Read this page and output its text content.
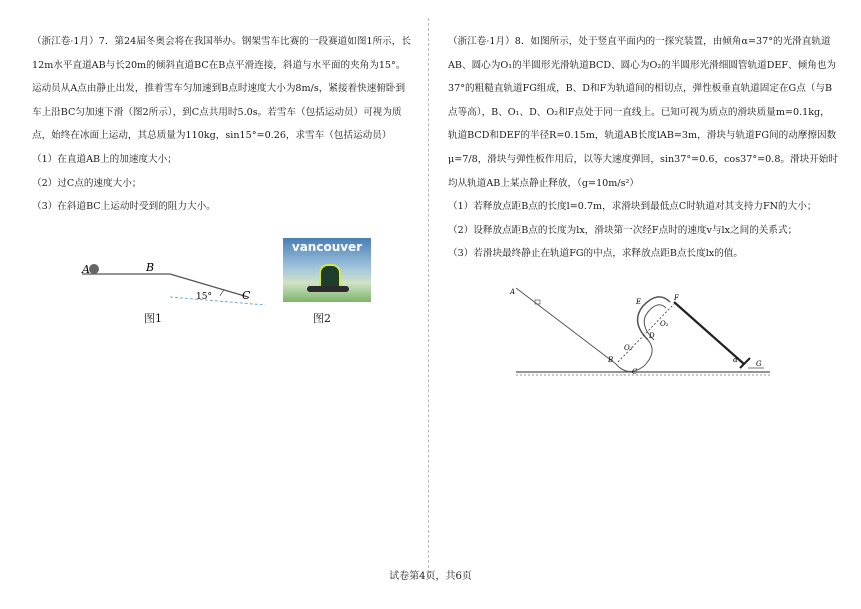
（浙江卷·1月）7．第24届冬奥会将在我国举办。钢架雪车比赛的一段赛道如图1所示，长12m水平直道AB与长20m的倾斜直道BC在B点平滑连接，斜道与水平面的夹角为15°。运动员从A点由静止出发，推着雪车匀加速到B点时速度大小为8m/s，紧接着快速俯卧到车上沿BC匀加速下滑（图2所示），到C点共用时5.0s。若雪车（包括运动员）可视为质点，始终在冰面上运动，其总质量为110kg，sin15°=0.26，求雪车（包括运动员）

（1）在直道AB上的加速度大小；

（2）过C点的速度大小；

（3）在斜道BC上运动时受到的阻力大小。

A	B
C
15°
图1
vancouver
图2

（浙江卷·1月）8．如图所示，处于竖直平面内的一探究装置，由倾角α=37°的光滑直轨道AB、圆心为O₁的半圆形光滑轨道BCD、圆心为O₂的半圆形光滑细圆管轨道DEF、倾角也为37°的粗糙直轨道FG组成，B、D和F为轨道间的相切点，弹性板垂直轨道固定在G点（与B点等高），B、O₁、D、O₂和F点处于同一直线上。已知可视为质点的滑块质量m=0.1kg，轨道BCD和DEF的半径R=0.15m，轨道AB长度lAB=3m，滑块与轨道FG间的动摩擦因数μ=7/8，滑块与弹性板作用后，以等大速度弹回，sin37°=0.6，cos37°=0.8。滑块开始时均从轨道AB上某点静止释放，（g=10m/s²）

（1）若释放点距B点的长度l=0.7m，求滑块到最低点C时轨道对其支持力FN的大小；

（2）设释放点距B点的长度为lx，滑块第一次经F点时的速度v与lx之间的关系式；

（3）若滑块最终静止在轨道FG的中点，求释放点距B点长度lx的值。

A
B
C
D
E	F
G
O₁
O₂
α
试卷第4页，共6页
